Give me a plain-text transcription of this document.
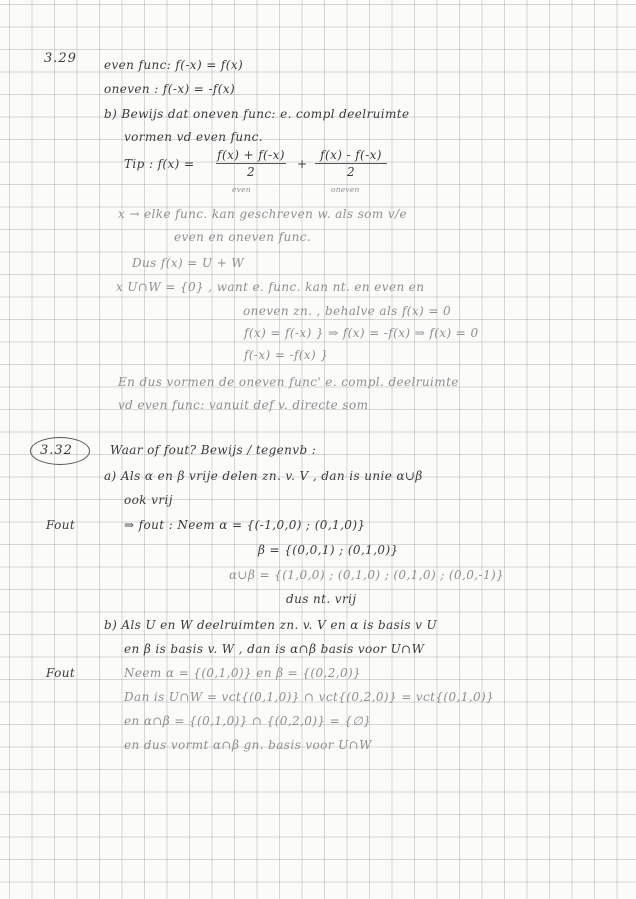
3.29 even func: f(-x) = f(x)
oneven : f(-x) = -f(x)
b) Bewijs dat oneven func: e. compl deelruimte
vormen vd even func.
Tip : f(x) =
f(x) + f(-x)
2
+
f(x) - f(-x)
2
even	oneven
x → elke func. kan geschreven w. als som v/e
even en oneven func.
Dus f(x) = U + W
x U∩W = {0} , want e. func. kan nt. en even en
oneven zn. , behalve als f(x) = 0
f(x) = f(-x) } ⇒ f(x) = -f(x) ⇒ f(x) = 0
f(-x) = -f(x) }
En dus vormen de oneven func' e. compl. deelruimte
vd even func: vanuit def v. directe som
3.32	Waar of fout? Bewijs / tegenvb :
a) Als α en β vrije delen zn. v. V , dan is unie α∪β
ook vrij
Fout	⇒ fout : Neem α = {(-1,0,0) ; (0,1,0)}
β = {(0,0,1) ; (0,1,0)}
α∪β = {(1,0,0) ; (0,1,0) ; (0,1,0) ; (0,0,-1)}
dus nt. vrij
b) Als U en W deelruimten zn. v. V en α is basis v U
en β is basis v. W , dan is α∩β basis voor U∩W
Fout	Neem α = {(0,1,0)} en β = {(0,2,0)}
Dan is U∩W = vct{(0,1,0)} ∩ vct{(0,2,0)} = vct{(0,1,0)}
en α∩β = {(0,1,0)} ∩ {(0,2,0)} = {∅}
en dus vormt α∩β gn. basis voor U∩W
